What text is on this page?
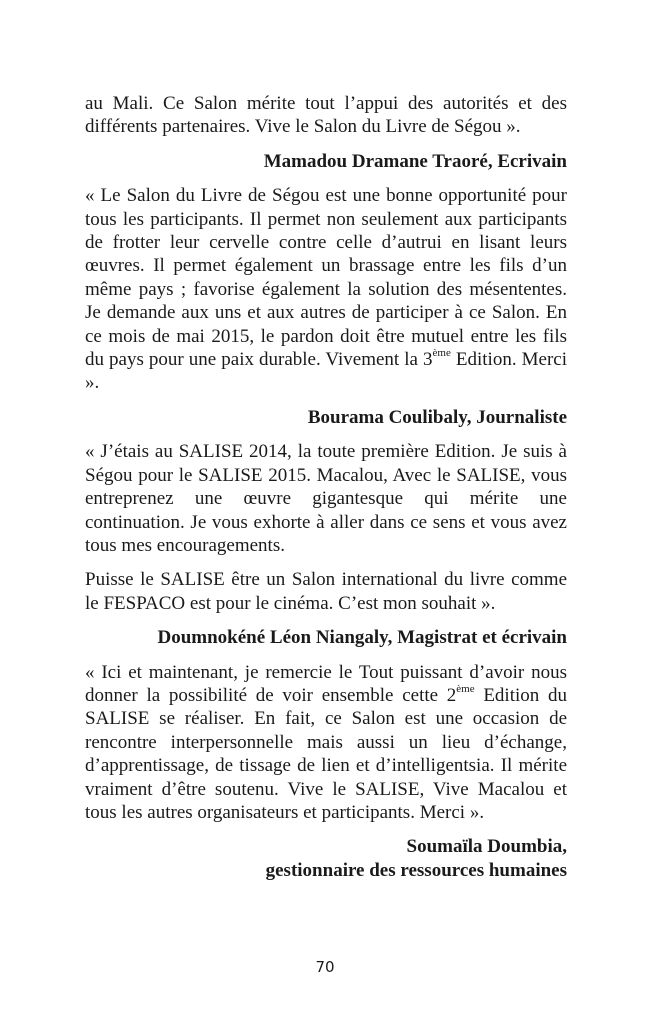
au Mali. Ce Salon mérite tout l’appui des autorités et des différents partenaires. Vive le Salon du Livre de Ségou ».

Mamadou Dramane Traoré, Ecrivain

« Le Salon du Livre de Ségou est une bonne opportunité pour tous les participants. Il permet non seulement aux participants de frotter leur cervelle contre celle d’autrui en lisant leurs œuvres. Il permet également un brassage entre les fils d’un même pays ; favorise également la solution des mésententes. Je demande aux uns et aux autres de participer à ce Salon. En ce mois de mai 2015, le pardon doit être mutuel entre les fils du pays pour une paix durable. Vivement la 3ème Edition. Merci ».

Bourama Coulibaly, Journaliste

« J’étais au SALISE 2014, la toute première Edition. Je suis à Ségou pour le SALISE 2015. Macalou, Avec le SALISE, vous entreprenez une œuvre gigantesque qui mérite une continuation. Je vous exhorte à aller dans ce sens et vous avez tous mes encouragements.

Puisse le SALISE être un Salon international du livre comme le FESPACO est pour le cinéma. C’est mon souhait ».

Doumnokéné Léon Niangaly, Magistrat et écrivain

« Ici et maintenant, je remercie le Tout puissant d’avoir nous donner la possibilité de voir ensemble cette 2ème Edition du SALISE se réaliser. En fait, ce Salon est une occasion de rencontre interpersonnelle mais aussi un lieu d’échange, d’apprentissage, de tissage de lien et d’intelligentsia. Il mérite vraiment d’être soutenu. Vive le SALISE, Vive Macalou et tous les autres organisateurs et participants. Merci ».

Soumaïla Doumbia,
gestionnaire des ressources humaines

70
